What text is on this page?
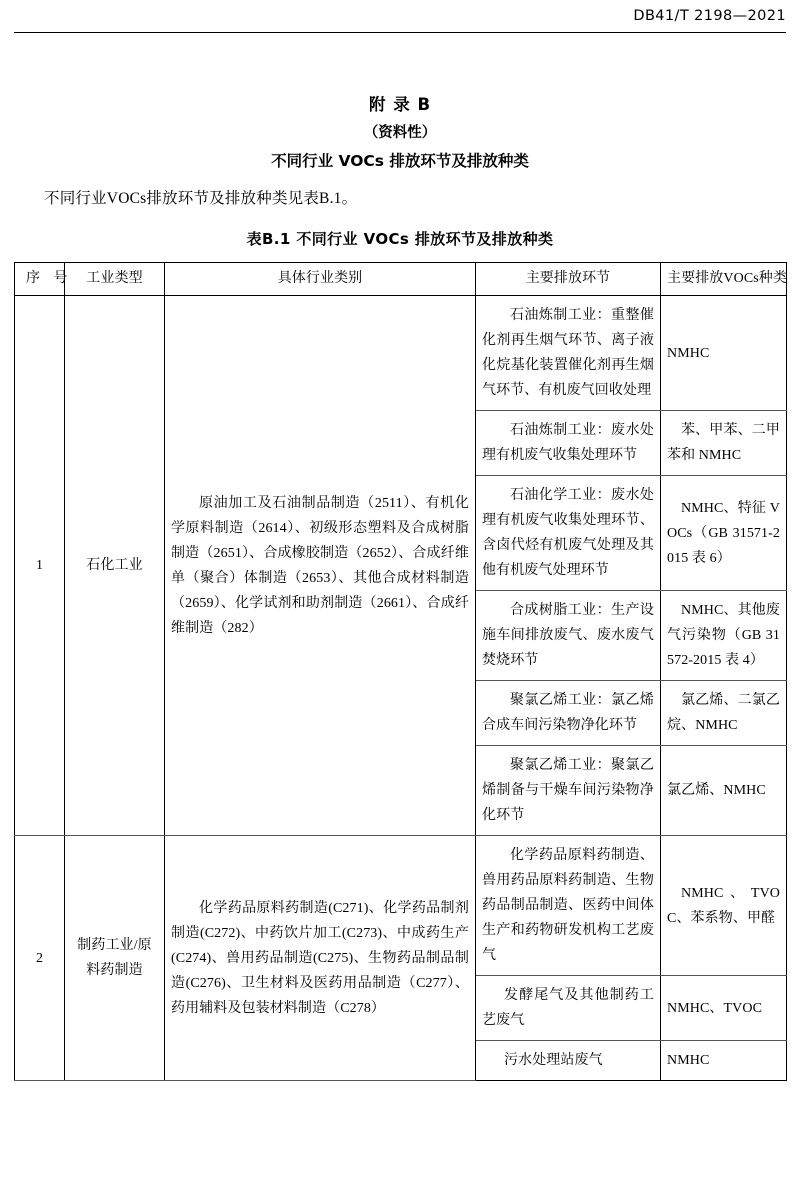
DB41/T 2198—2021
附 录 B
（资料性）
不同行业 VOCs 排放环节及排放种类
不同行业VOCs排放环节及排放种类见表B.1。
表B.1 不同行业 VOCs 排放环节及排放种类
序 号	工业类型	具体行业类别	主要排放环节	主要排放VOCs种类
1	石化工业	原油加工及石油制品制造（2511）、有机化学原料制造（2614）、初级形态塑料及合成树脂制造（2651）、合成橡胶制造（2652）、合成纤维单（聚合）体制造（2653）、其他合成材料制造（2659）、化学试剂和助剂制造（2661）、合成纤维制造（282）	石油炼制工业：重整催化剂再生烟气环节、离子液化烷基化装置催化剂再生烟气环节、有机废气回收处理	NMHC
			石油炼制工业：废水处理有机废气收集处理环节	苯、甲苯、二甲苯和 NMHC
			石油化学工业：废水处理有机废气收集处理环节、含卤代烃有机废气处理及其他有机废气处理环节	NMHC、特征 VOCs（GB 31571-2015 表 6）
			合成树脂工业：生产设施车间排放废气、废水废气焚烧环节	NMHC、其他废气污染物（GB 31572-2015 表 4）
			聚氯乙烯工业：氯乙烯合成车间污染物净化环节	氯乙烯、二氯乙烷、NMHC
			聚氯乙烯工业：聚氯乙烯制备与干燥车间污染物净化环节	氯乙烯、NMHC
2	制药工业/原料药制造	化学药品原料药制造(C271)、化学药品制剂制造(C272)、中药饮片加工(C273)、中成药生产(C274)、兽用药品制造(C275)、生物药品制品制造(C276)、卫生材料及医药用品制造（C277）、药用辅料及包装材料制造（C278）	化学药品原料药制造、兽用药品原料药制造、生物药品制品制造、医药中间体生产和药物研发机构工艺废气	NMHC、TVOC、苯系物、甲醛
			发酵尾气及其他制药工艺废气	NMHC、TVOC
			污水处理站废气	NMHC
